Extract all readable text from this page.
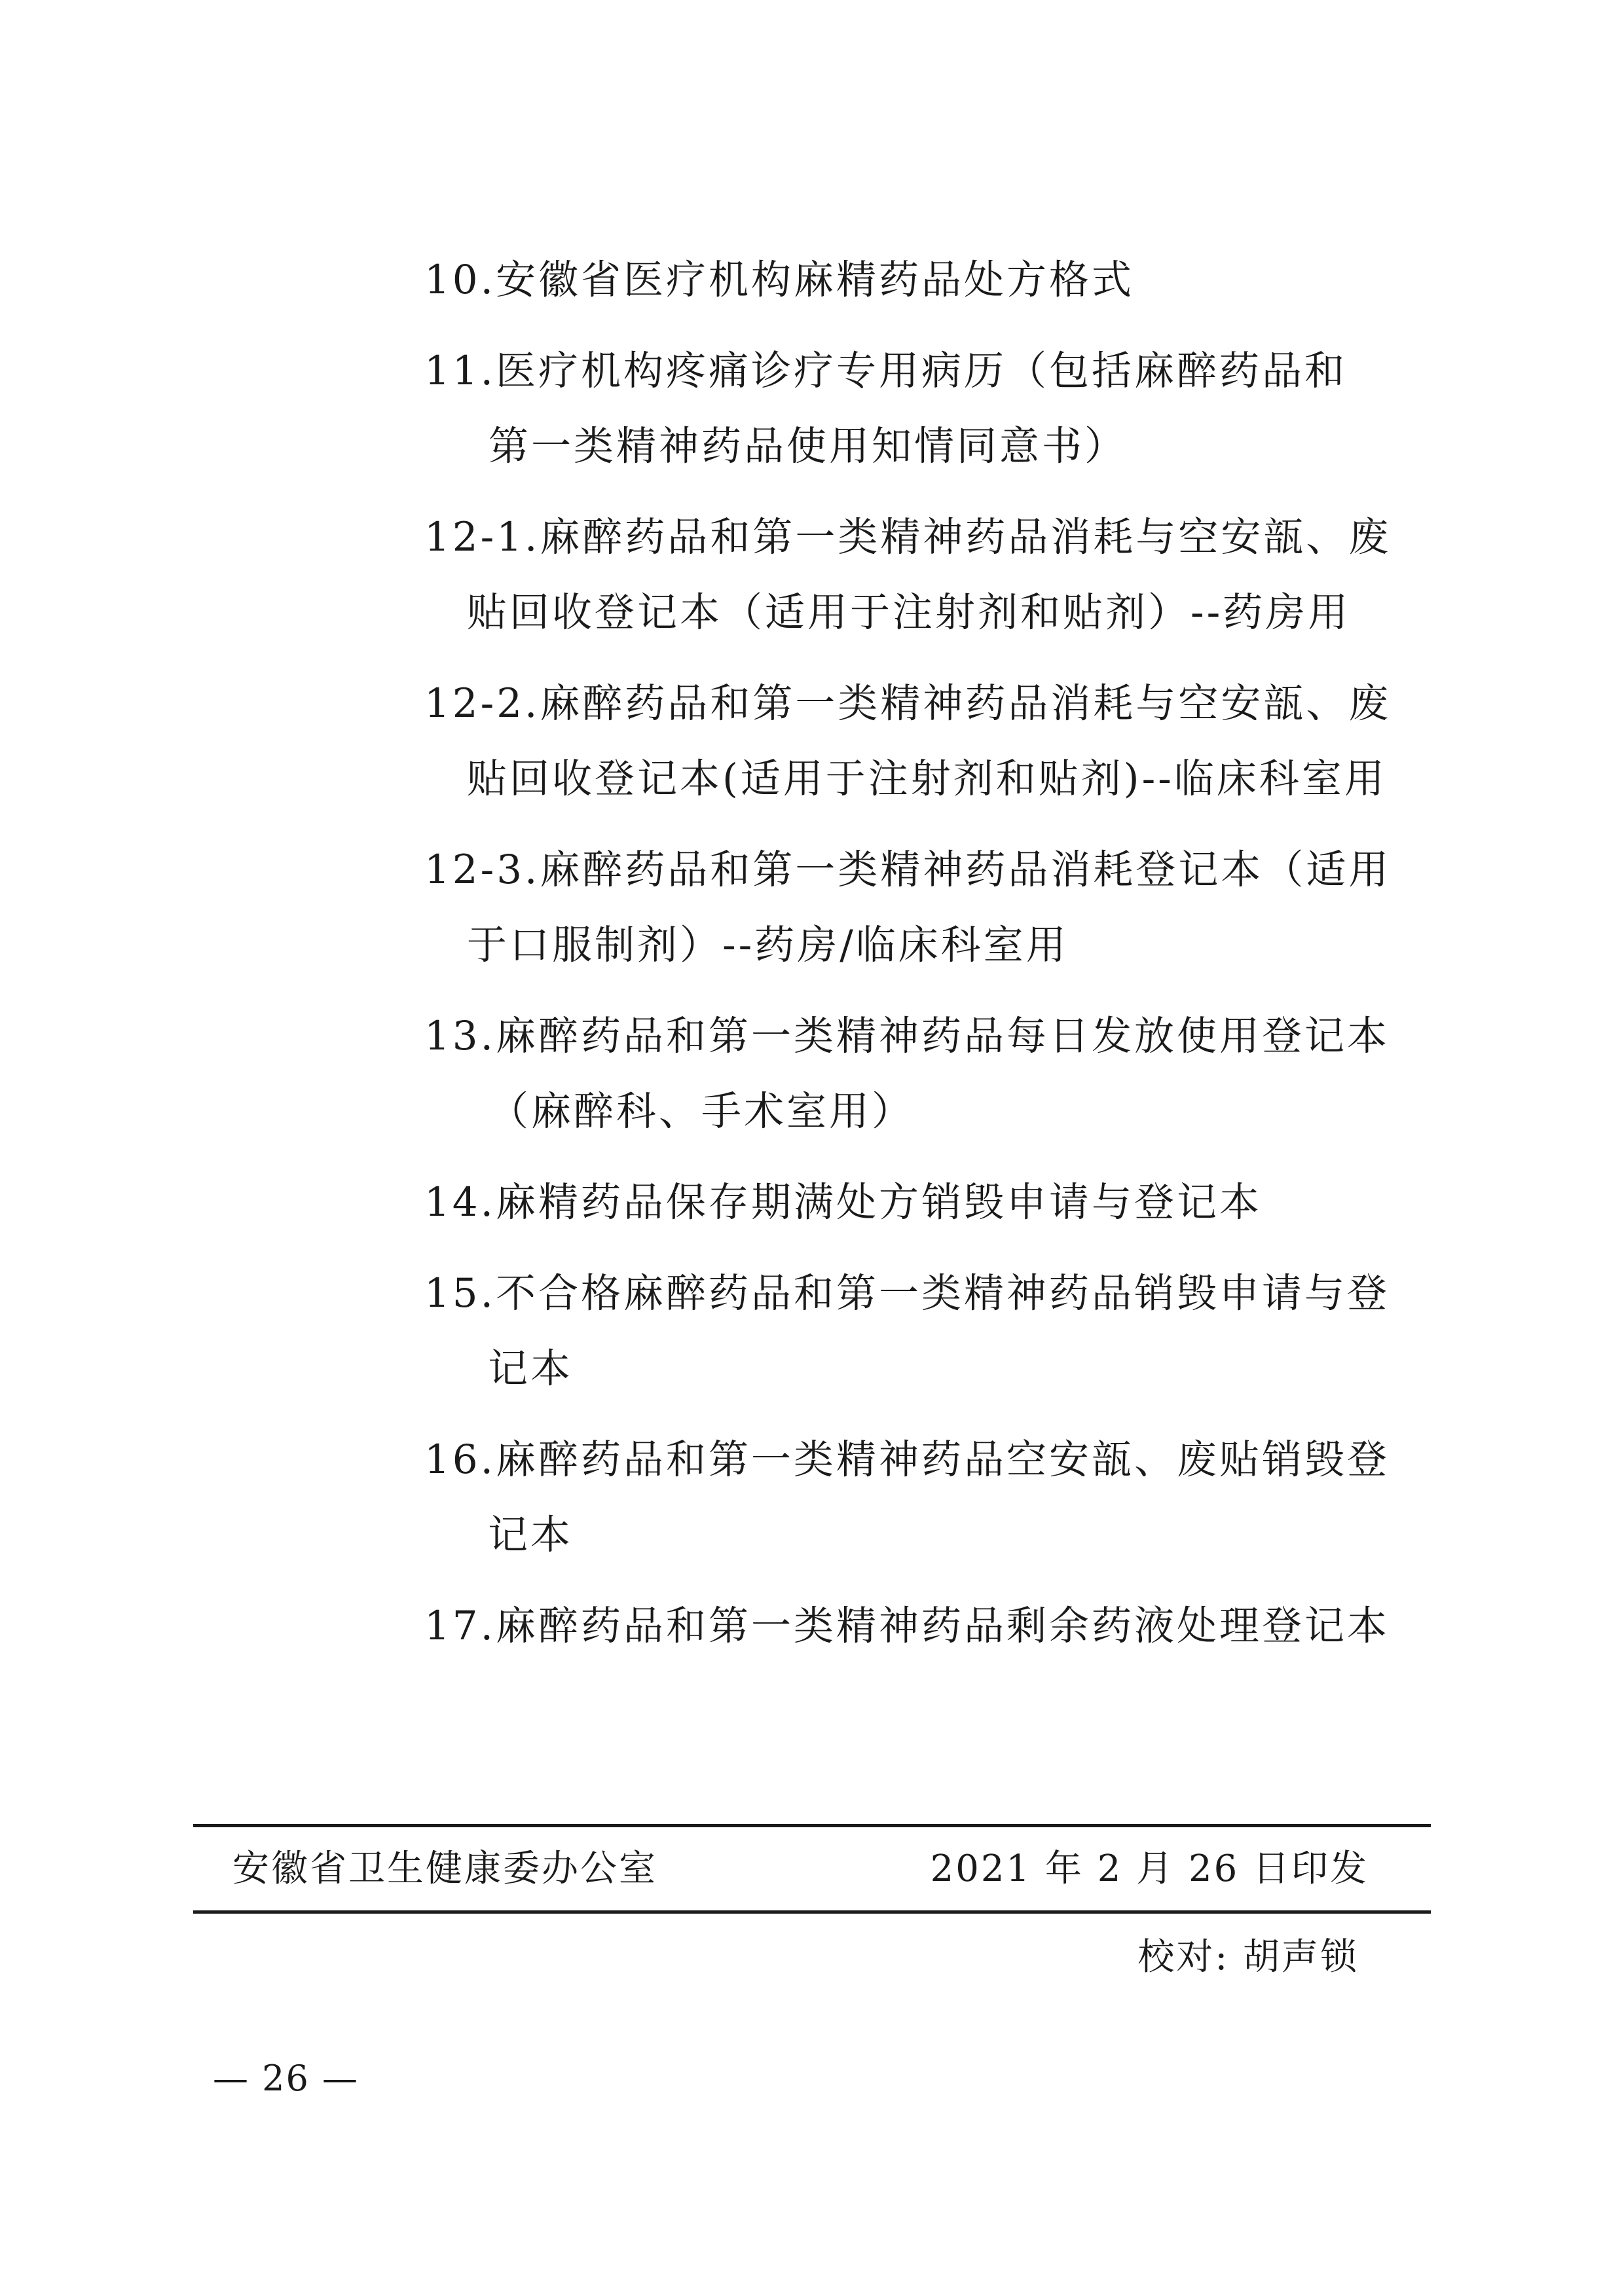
10.安徽省医疗机构麻精药品处方格式
11.医疗机构疼痛诊疗专用病历（包括麻醉药品和
第一类精神药品使用知情同意书）
12-1.麻醉药品和第一类精神药品消耗与空安瓿、废
贴回收登记本（适用于注射剂和贴剂）--药房用
12-2.麻醉药品和第一类精神药品消耗与空安瓿、废
贴回收登记本(适用于注射剂和贴剂)--临床科室用
12-3.麻醉药品和第一类精神药品消耗登记本（适用
于口服制剂）--药房/临床科室用
13.麻醉药品和第一类精神药品每日发放使用登记本
（麻醉科、手术室用）
14.麻精药品保存期满处方销毁申请与登记本
15.不合格麻醉药品和第一类精神药品销毁申请与登
记本
16.麻醉药品和第一类精神药品空安瓿、废贴销毁登
记本
17.麻醉药品和第一类精神药品剩余药液处理登记本
安徽省卫生健康委办公室	2021 年 2 月 26 日印发
校对: 胡声锁
— 26 —
